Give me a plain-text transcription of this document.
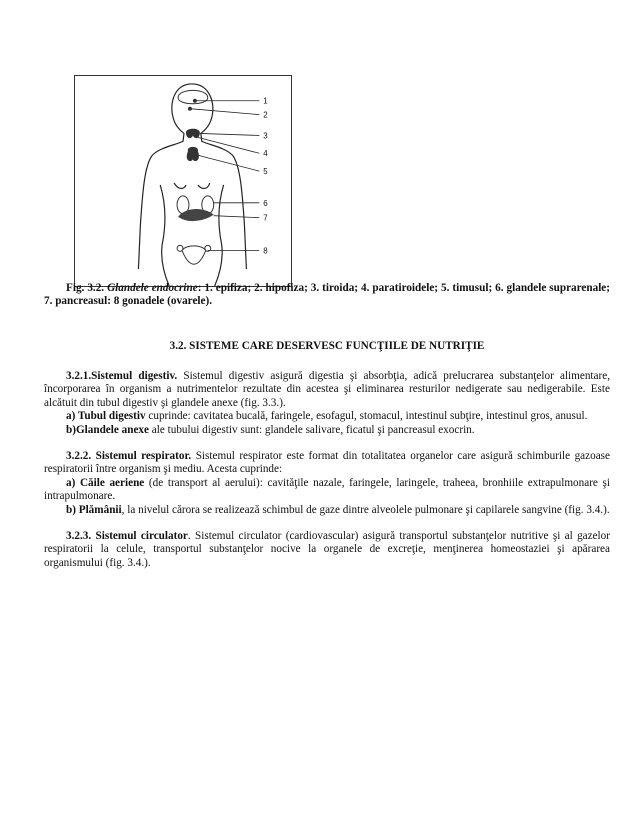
1
2
3
4
5
6
7
8

Fig. 3.2. Glandele endocrine: 1. epifiza; 2. hipofiza; 3. tiroida; 4. paratiroidele; 5. timusul; 6. glandele suprarenale; 7. pancreasul: 8 gonadele (ovarele).

3.2. SISTEME CARE DESERVESC FUNCŢIILE DE NUTRIŢIE

3.2.1.Sistemul digestiv. Sistemul digestiv asigură digestia şi absorbţia, adică prelucrarea substanţelor alimentare, încorporarea în organism a nutrimentelor rezultate din acestea şi eliminarea resturilor nedigerate sau nedigerabile. Este alcătuit din tubul digestiv şi glandele anexe (fig. 3.3.).

a) Tubul digestiv cuprinde: cavitatea bucală, faringele, esofagul, stomacul, intestinul subţire, intestinul gros, anusul.

b)Glandele anexe ale tubului digestiv sunt: glandele salivare, ficatul şi pancreasul exocrin.

3.2.2. Sistemul respirator. Sistemul respirator este format din totalitatea organelor care asigură schimburile gazoase respiratorii între organism şi mediu. Acesta cuprinde:

a) Căile aeriene (de transport al aerului): cavităţile nazale, faringele, laringele, traheea, bronhiile extrapulmonare şi intrapulmonare.

b) Plămânii, la nivelul cărora se realizează schimbul de gaze dintre alveolele pulmonare şi capilarele sangvine (fig. 3.4.).

3.2.3. Sistemul circulator. Sistemul circulator (cardiovascular) asigură transportul substanţelor nutritive şi al gazelor respiratorii la celule, transportul substanţelor nocive la organele de excreţie, menţinerea homeostaziei şi apărarea organismului (fig. 3.4.).
